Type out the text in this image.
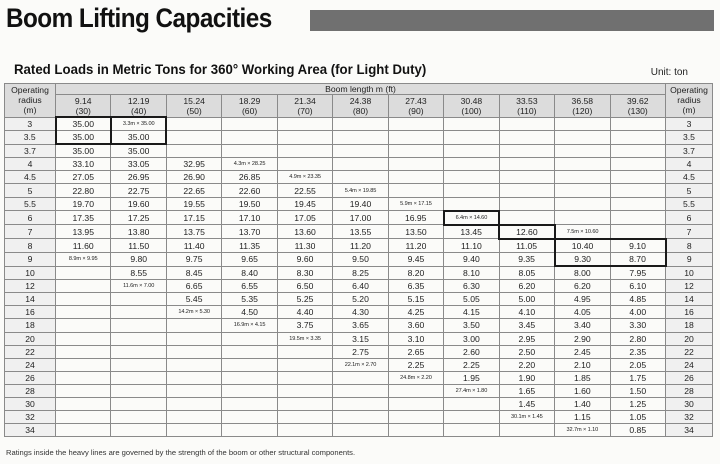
Boom Lifting Capacities
Rated Loads in Metric Tons for 360° Working Area (for Light Duty)	Unit: ton
Operating
radius
(m)	Boom length m (ft)											Operating
radius
(m)
	9.14
(30)	12.19
(40)	15.24
(50)	18.29
(60)	21.34
(70)	24.38
(80)	27.43
(90)	30.48
(100)	33.53
(110)	36.58
(120)	39.62
(130)	
3	35.00	3.3m × 35.00										3
3.5	35.00	35.00										3.5
3.7	35.00	35.00										3.7
4	33.10	33.05	32.95	4.3m × 28.25								4
4.5	27.05	26.95	26.90	26.85	4.9m × 23.35							4.5
5	22.80	22.75	22.65	22.60	22.55	5.4m × 19.85						5
5.5	19.70	19.60	19.55	19.50	19.45	19.40	5.9m × 17.15					5.5
6	17.35	17.25	17.15	17.10	17.05	17.00	16.95	6.4m × 14.60				6
7	13.95	13.80	13.75	13.70	13.60	13.55	13.50	13.45	12.60	7.5m × 10.60		7
8	11.60	11.50	11.40	11.35	11.30	11.20	11.20	11.10	11.05	10.40	9.10	8
9	8.9m × 9.95	9.80	9.75	9.65	9.60	9.50	9.45	9.40	9.35	9.30	8.70	9
10		8.55	8.45	8.40	8.30	8.25	8.20	8.10	8.05	8.00	7.95	10
12		11.6m × 7.00	6.65	6.55	6.50	6.40	6.35	6.30	6.20	6.20	6.10	12
14			5.45	5.35	5.25	5.20	5.15	5.05	5.00	4.95	4.85	14
16			14.2m × 5.30	4.50	4.40	4.30	4.25	4.15	4.10	4.05	4.00	16
18				16.9m × 4.15	3.75	3.65	3.60	3.50	3.45	3.40	3.30	18
20					19.5m × 3.35	3.15	3.10	3.00	2.95	2.90	2.80	20
22						2.75	2.65	2.60	2.50	2.45	2.35	22
24						22.1m × 2.70	2.25	2.25	2.20	2.10	2.05	24
26							24.8m × 2.20	1.95	1.90	1.85	1.75	26
28								27.4m × 1.80	1.65	1.60	1.50	28
30									1.45	1.40	1.25	30
32									30.1m × 1.45	1.15	1.05	32
34										32.7m × 1.10	0.85	34
Ratings inside the heavy lines are governed by the strength of the boom or other structural components.
